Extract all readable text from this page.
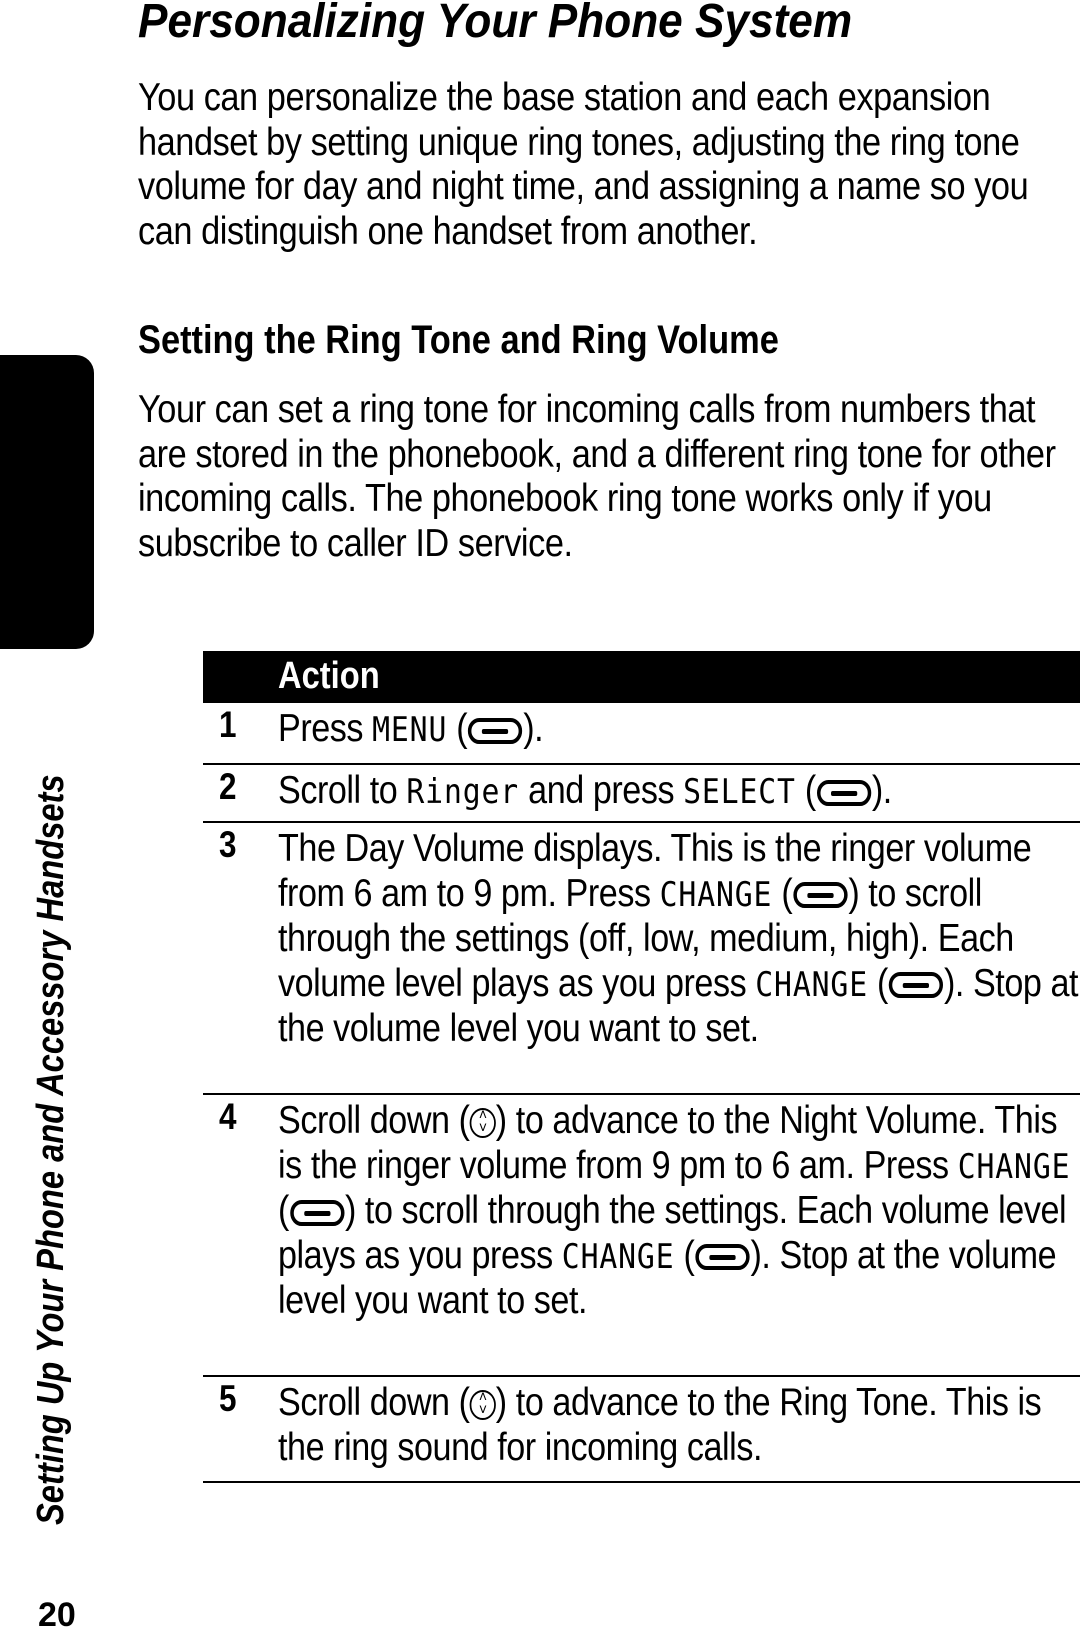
Personalizing Your Phone System

You can personalize the base station and each expansion handset by setting unique ring tones, adjusting the ring tone volume for day and night time, and assigning a name so you can distinguish one handset from another.

Setting the Ring Tone and Ring Volume

Your can set a ring tone for incoming calls from numbers that are stored in the phonebook, and a different ring tone for other incoming calls. The phonebook ring tone works only if you subscribe to caller ID service.

Setting Up Your Phone and Accessory Handsets
20
Action
1 Press MENU ( ).
2 Scroll to Ringer and press SELECT ( ).
3 The Day Volume displays. This is the ringer volume from 6 am to 9 pm. Press CHANGE ( ) to scroll through the settings (off, low, medium, high). Each volume level plays as you press CHANGE ( ). Stop at the volume level you want to set.
4 Scroll down ( ˄ ˅ ) to advance to the Night Volume. This is the ringer volume from 9 pm to 6 am. Press CHANGE ( ) to scroll through the settings. Each volume level plays as you press CHANGE ( ). Stop at the volume level you want to set.
5 Scroll down ( ˄ ˅ ) to advance to the Ring Tone. This is the ring sound for incoming calls.
